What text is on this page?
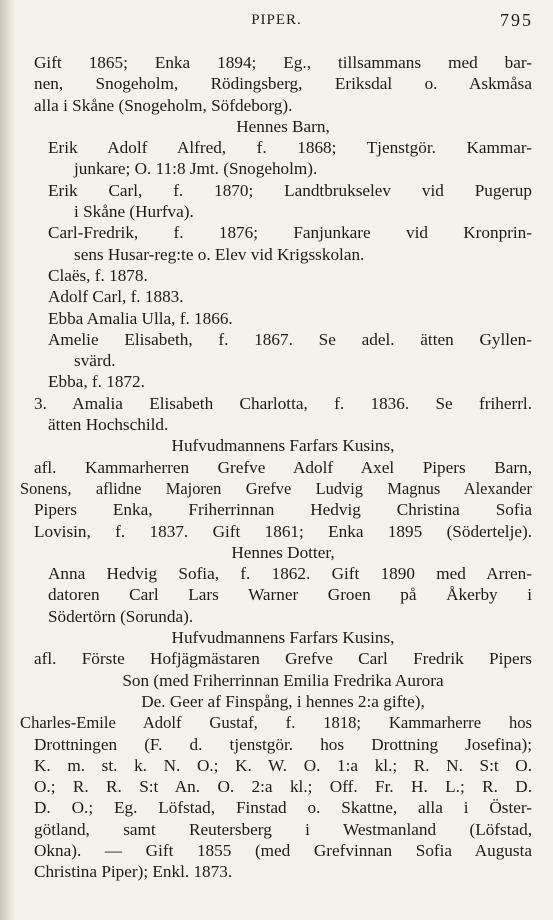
PIPER.	795
Gift 1865; Enka 1894; Eg., tillsammans med bar-
nen, Snogeholm, Rödingsberg, Eriksdal o. Askmåsa
alla i Skåne (Snogeholm, Söfdeborg).
Hennes Barn,
Erik Adolf Alfred, f. 1868; Tjenstgör. Kammar-
junkare; O. 11:8 Jmt. (Snogeholm).
Erik Carl, f. 1870; Landtbrukselev vid Pugerup
i Skåne (Hurfva).
Carl-Fredrik, f. 1876; Fanjunkare vid Kronprin-
sens Husar-reg:te o. Elev vid Krigsskolan.
Claës, f. 1878.
Adolf Carl, f. 1883.
Ebba Amalia Ulla, f. 1866.
Amelie Elisabeth, f. 1867. Se adel. ätten Gyllen-
svärd.
Ebba, f. 1872.
3. Amalia Elisabeth Charlotta, f. 1836. Se friherrl.
ätten Hochschild.
Hufvudmannens Farfars Kusins,
afl. Kammarherren Grefve Adolf Axel Pipers Barn,
Sonens, aflidne Majoren Grefve Ludvig Magnus Alexander
Pipers Enka, Friherrinnan Hedvig Christina Sofia
Lovisin, f. 1837. Gift 1861; Enka 1895 (Södertelje).
Hennes Dotter,
Anna Hedvig Sofia, f. 1862. Gift 1890 med Arren-
datoren Carl Lars Warner Groen på Åkerby i
Södertörn (Sorunda).
Hufvudmannens Farfars Kusins,
afl. Förste Hofjägmästaren Grefve Carl Fredrik Pipers
Son (med Friherrinnan Emilia Fredrika Aurora
De. Geer af Finspång, i hennes 2:a gifte),
Charles-Emile Adolf Gustaf, f. 1818; Kammarherre hos
Drottningen (F. d. tjenstgör. hos Drottning Josefina);
K. m. st. k. N. O.; K. W. O. 1:a kl.; R. N. S:t O.
O.; R. R. S:t An. O. 2:a kl.; Off. Fr. H. L.; R. D.
D. O.; Eg. Löfstad, Finstad o. Skattne, alla i Öster-
götland, samt Reutersberg i Westmanland (Löfstad,
Okna). — Gift 1855 (med Grefvinnan Sofia Augusta
Christina Piper); Enkl. 1873.
